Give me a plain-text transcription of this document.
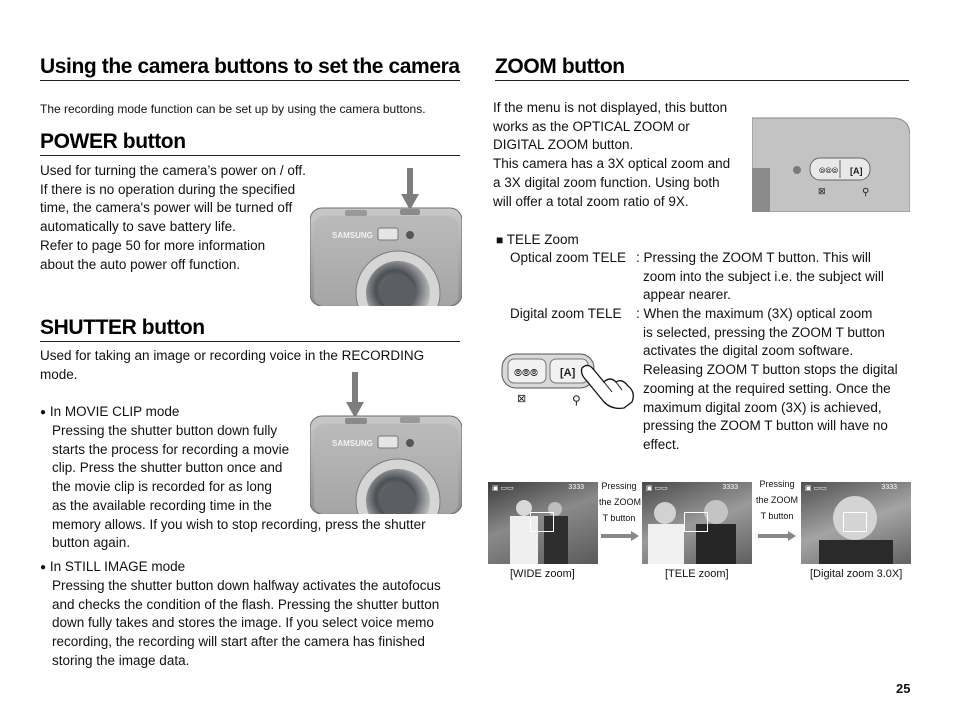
Using the camera buttons to set the camera
The recording mode function can be set up by using the camera buttons.
POWER button
Used for turning the camera’s power on / off.
If there is no operation during the specified
time, the camera's power will be turned off
automatically to save battery life.
Refer to page 50 for more information
about the auto power off function.
SAMSUNG
SHUTTER button
Used for taking an image or recording voice in the RECORDING
mode.
● In MOVIE CLIP mode
Pressing the shutter button down fully
starts the process for recording a movie
clip. Press the shutter button once and
the movie clip is recorded for as long
as the available recording time in the
memory allows. If you wish to stop recording, press the shutter
button again.
SAMSUNG
● In STILL IMAGE mode
Pressing the shutter button down halfway activates the autofocus
and checks the condition of the flash. Pressing the shutter button
down fully takes and stores the image. If you select voice memo
recording, the recording will start after the camera has finished
storing the image data.
ZOOM button
If the menu is not displayed, this button
works as the OPTICAL ZOOM or
DIGITAL ZOOM button.
This camera has a 3X optical zoom and
a 3X digital zoom function. Using both
will offer a total zoom ratio of 9X.
⦾⦾⦾ [A]
⊠	⚲
■ TELE Zoom
Optical zoom TELE : Pressing the ZOOM T button. This will
zoom into the subject i.e. the subject will
appear nearer.
Digital zoom TELE : When the maximum (3X) optical zoom
is selected, pressing the ZOOM T button
activates the digital zoom software.
Releasing ZOOM T button stops the digital
zooming at the required setting. Once the
maximum digital zoom (3X) is achieved,
pressing the ZOOM T button will have no
effect.
⦾⦾⦾ [A]
⊠	⚲
▣ ▭▭	3333 Pressing
the ZOOM
T button
▣ ▭▭	3333	Pressing
the ZOOM
T button
▣ ▭▭	3333
[WIDE zoom]	[TELE zoom]	[Digital zoom 3.0X]
25
